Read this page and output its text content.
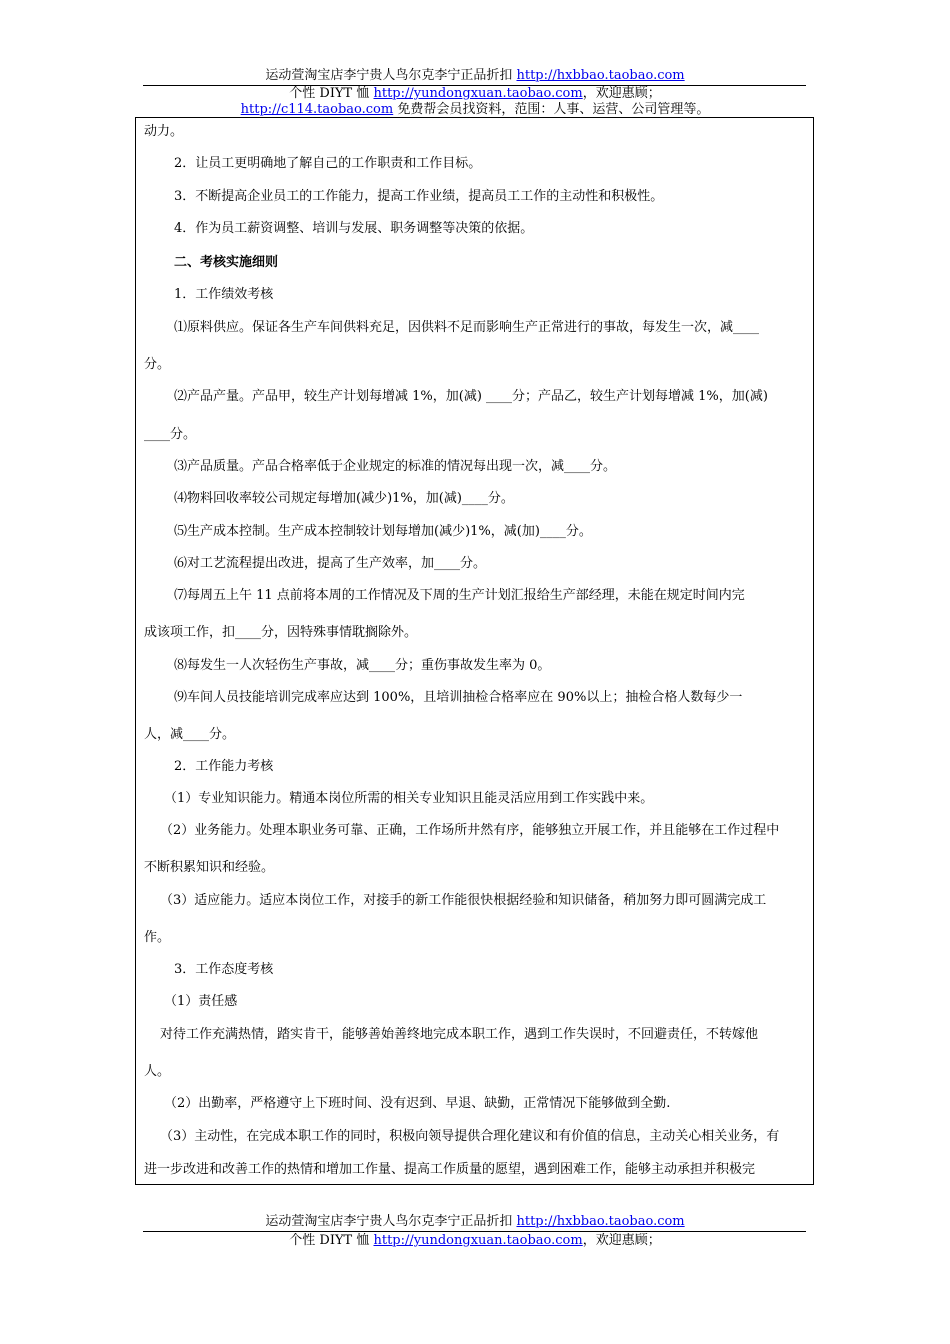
运动萱淘宝店李宁贵人鸟尔克李宁正品折扣 http://hxbbao.taobao.com
个性 DIYT 恤 http://yundongxuan.taobao.com，欢迎惠顾；
http://c114.taobao.com 免费帮会员找资料，范围：人事、运营、公司管理等。
动力。
2．让员工更明确地了解自己的工作职责和工作目标。
3．不断提高企业员工的工作能力，提高工作业绩，提高员工工作的主动性和积极性。
4．作为员工薪资调整、培训与发展、职务调整等决策的依据。
二、考核实施细则
1．工作绩效考核
⑴原料供应。保证各生产车间供料充足，因供料不足而影响生产正常进行的事故，每发生一次，减____
分。
⑵产品产量。产品甲，较生产计划每增减 1%，加(减) ____分；产品乙，较生产计划每增减 1%，加(减)
____分。
⑶产品质量。产品合格率低于企业规定的标准的情况每出现一次，减____分。
⑷物料回收率较公司规定每增加(减少)1%，加(减)____分。
⑸生产成本控制。生产成本控制较计划每增加(减少)1%，减(加)____分。
⑹对工艺流程提出改进，提高了生产效率，加____分。
⑺每周五上午 11 点前将本周的工作情况及下周的生产计划汇报给生产部经理，未能在规定时间内完
成该项工作，扣____分，因特殊事情耽搁除外。
⑻每发生一人次轻伤生产事故，减____分；重伤事故发生率为 0。
⑼车间人员技能培训完成率应达到 100%，且培训抽检合格率应在 90%以上；抽检合格人数每少一
人，减____分。
2．工作能力考核
（1）专业知识能力。精通本岗位所需的相关专业知识且能灵活应用到工作实践中来。
（2）业务能力。处理本职业务可靠、正确，工作场所井然有序，能够独立开展工作，并且能够在工作过程中
不断积累知识和经验。
（3）适应能力。适应本岗位工作，对接手的新工作能很快根据经验和知识储备，稍加努力即可圆满完成工
作。
3．工作态度考核
（1）责任感
对待工作充满热情，踏实肯干，能够善始善终地完成本职工作，遇到工作失误时，不回避责任，不转嫁他
人。
（2）出勤率，严格遵守上下班时间、没有迟到、早退、缺勤，正常情况下能够做到全勤.
（3）主动性，在完成本职工作的同时，积极向领导提供合理化建议和有价值的信息，主动关心相关业务，有
进一步改进和改善工作的热情和增加工作量、提高工作质量的愿望，遇到困难工作，能够主动承担并积极完
运动萱淘宝店李宁贵人鸟尔克李宁正品折扣 http://hxbbao.taobao.com
个性 DIYT 恤 http://yundongxuan.taobao.com，欢迎惠顾；
